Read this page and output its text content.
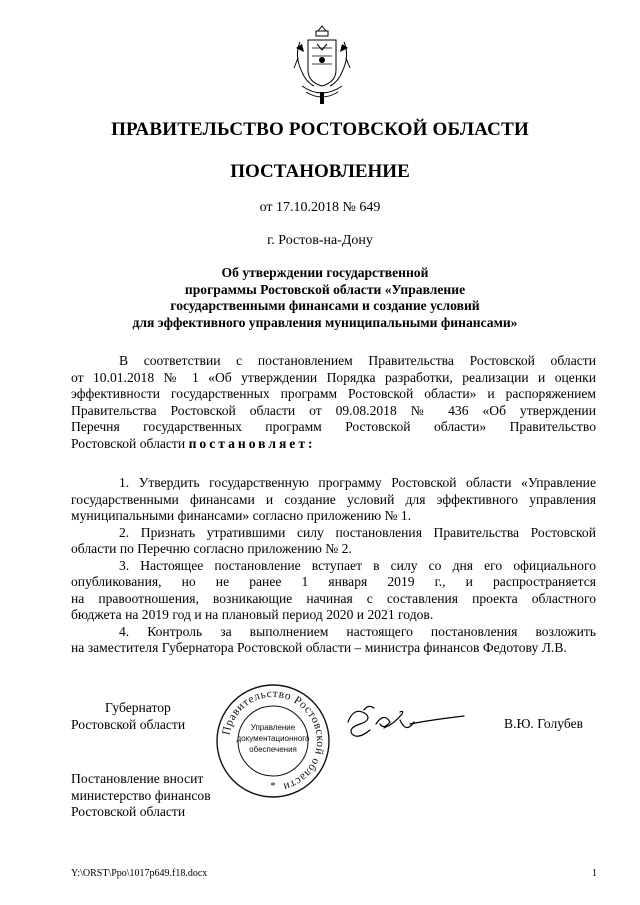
ПРАВИТЕЛЬСТВО РОСТОВСКОЙ ОБЛАСТИ
ПОСТАНОВЛЕНИЕ
от 17.10.2018 № 649
г. Ростов-на-Дону
Об утверждении государственной
программы Ростовской области «Управление
государственными финансами и создание условий
для эффективного управления муниципальными финансами»
В соответствии с постановлением Правительства Ростовской области
от 10.01.2018 № 1 «Об утверждении Порядка разработки, реализации и оценки
эффективности государственных программ Ростовской области» и распоряжением
Правительства Ростовской области от 09.08.2018 № 436 «Об утверждении
Перечня государственных программ Ростовской области» Правительство
Ростовской области постановляет:
1. Утвердить государственную программу Ростовской области «Управление
государственными финансами и создание условий для эффективного управления
муниципальными финансами» согласно приложению № 1.
2. Признать утратившими силу постановления Правительства Ростовской
области по Перечню согласно приложению № 2.
3. Настоящее постановление вступает в силу со дня его официального
опубликования, но не ранее 1 января 2019 г., и распространяется
на правоотношения, возникающие начиная с составления проекта областного
бюджета на 2019 год и на плановый период 2020 и 2021 годов.
4. Контроль за выполнением настоящего постановления возложить
на заместителя Губернатора Ростовской области – министра финансов Федотову Л.В.
Губернатор
Ростовской области	Правительство Ростовской области
Управление
документационного
обеспечения
*
В.Ю. Голубев
Постановление вносит
министерство финансов
Ростовской области
Y:\ORST\Ppo\1017p649.f18.docx	1
